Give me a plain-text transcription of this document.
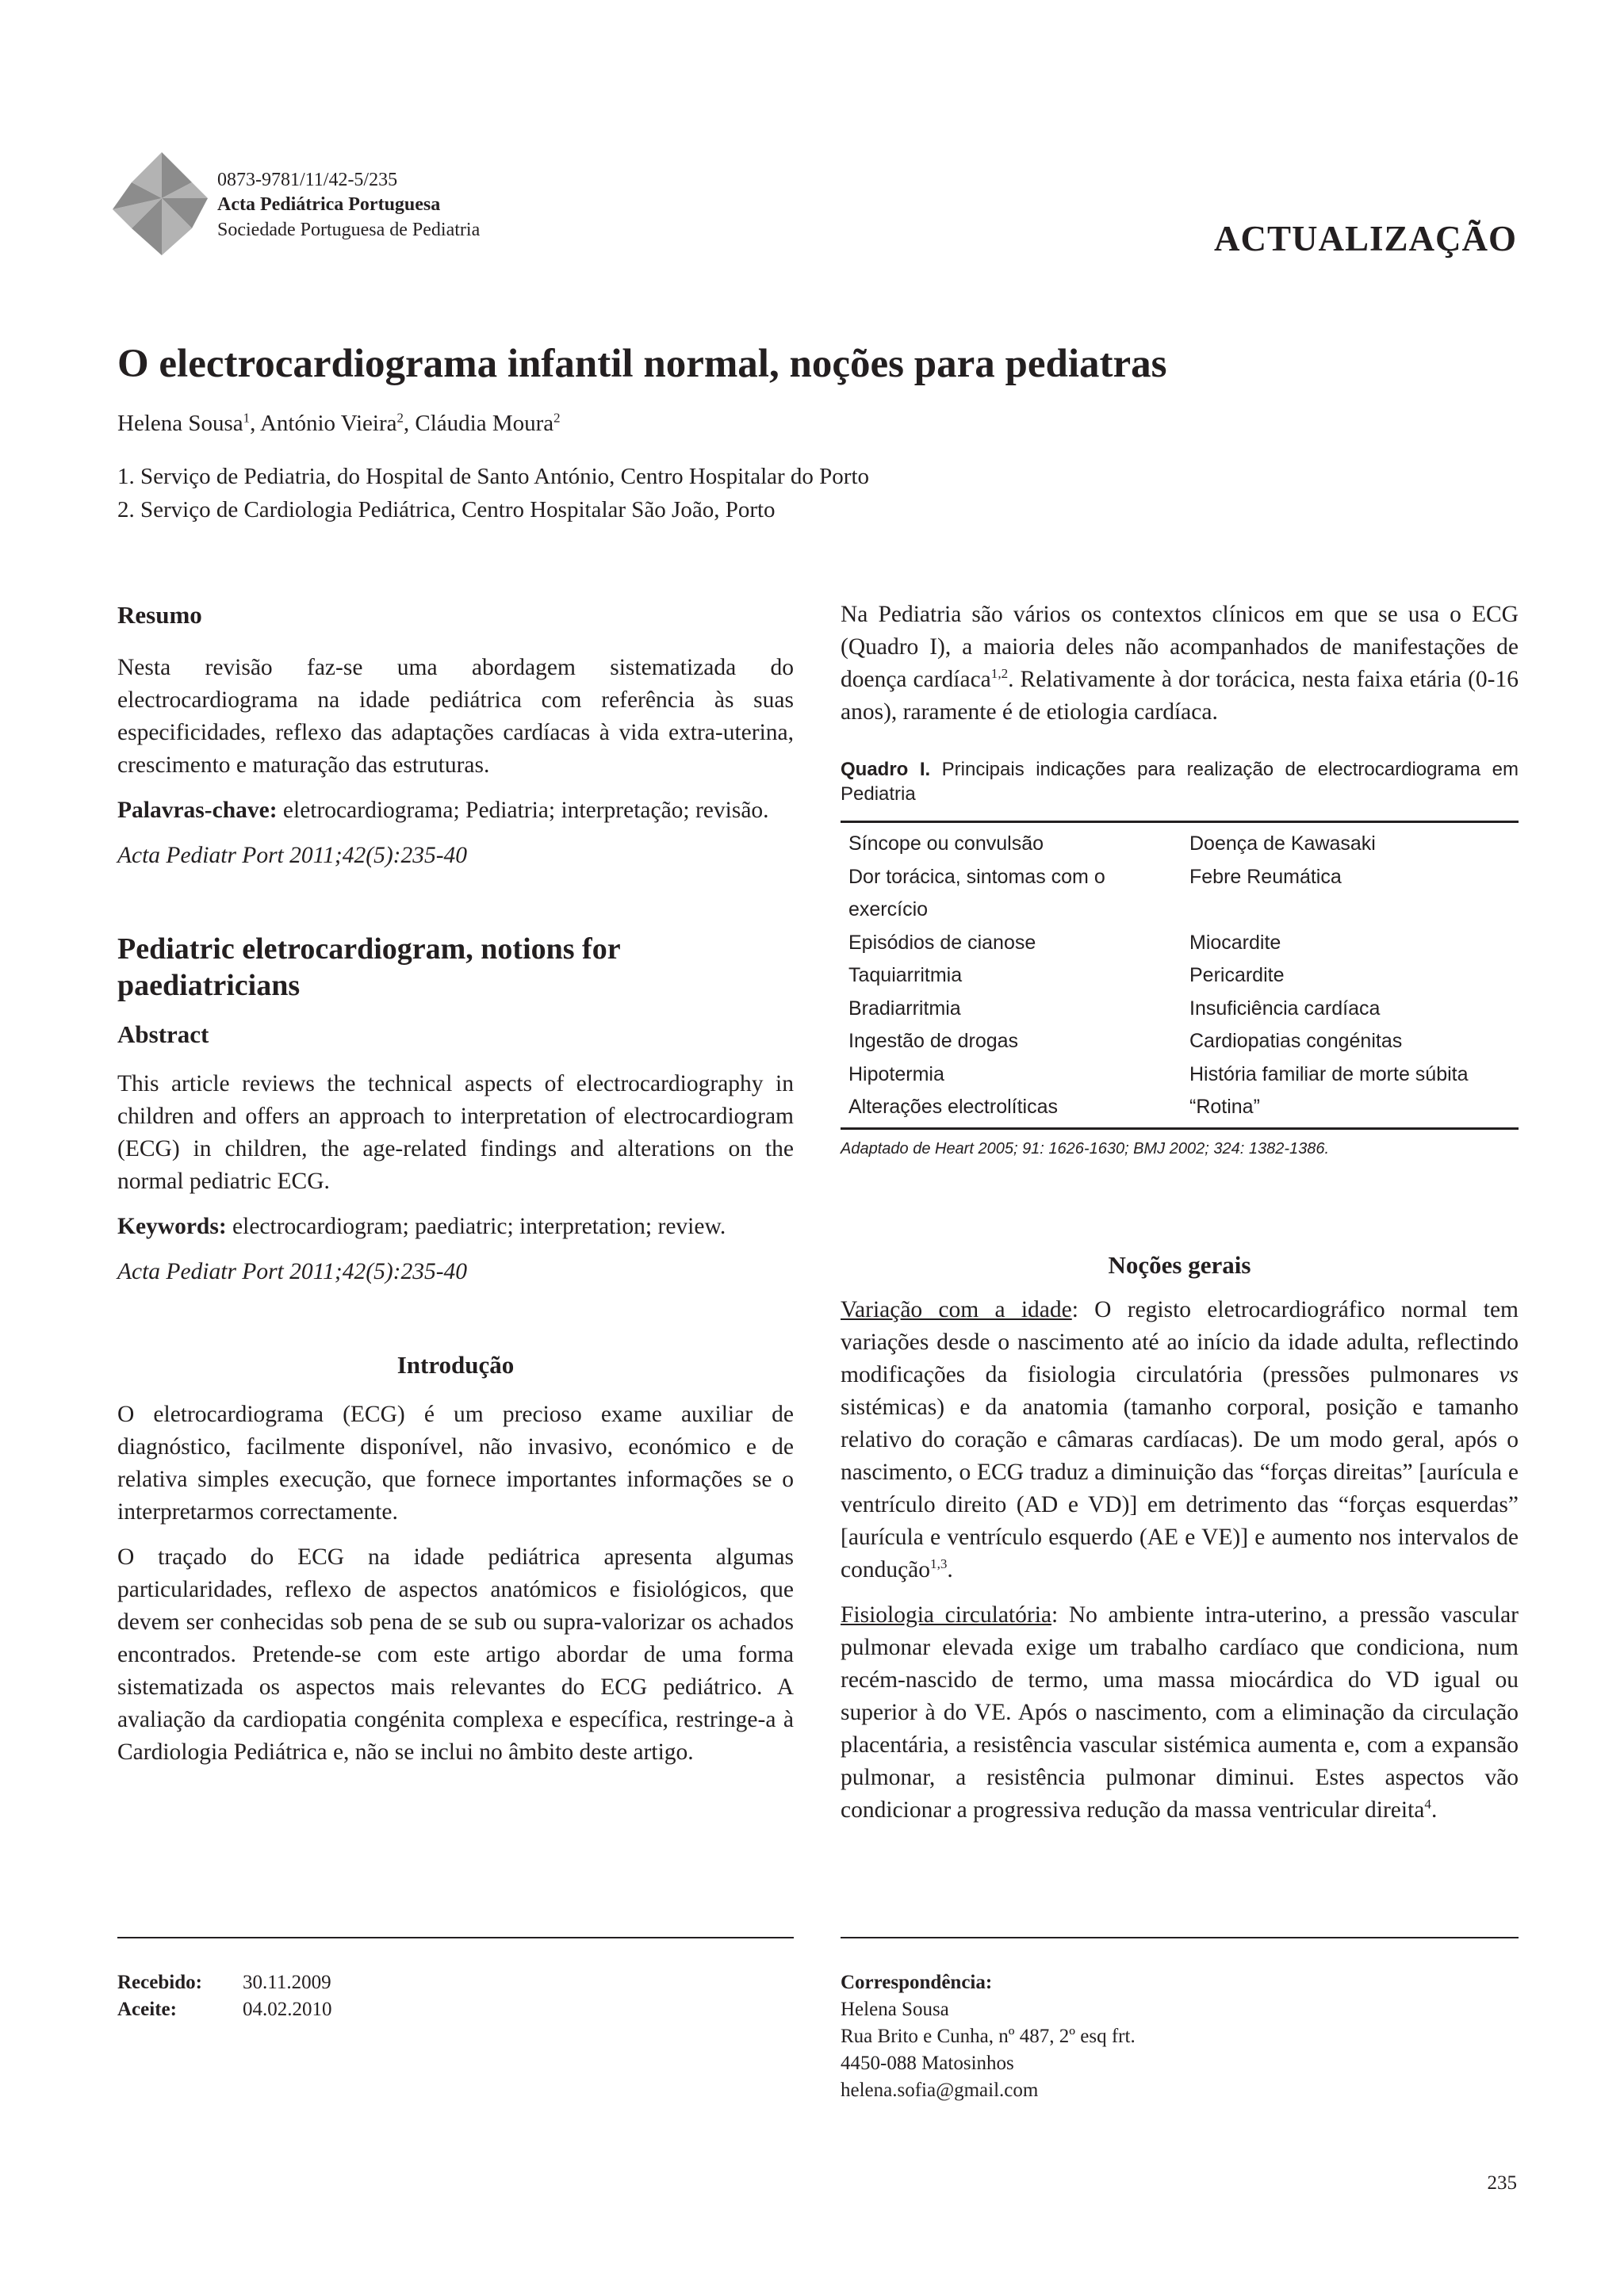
0873-9781/11/42-5/235
Acta Pediátrica Portuguesa
Sociedade Portuguesa de Pediatria	ACTUALIZAÇÃO
O electrocardiograma infantil normal, noções para pediatras
Helena Sousa$^1$, António Vieira$^2$, Cláudia Moura$^2$
1. Serviço de Pediatria, do Hospital de Santo António, Centro Hospitalar do Porto
2. Serviço de Cardiologia Pediátrica, Centro Hospitalar São João, Porto

Resumo

Nesta revisão faz-se uma abordagem sistematizada do electrocardiograma na idade pediátrica com referência às suas especificidades, reflexo das adaptações cardíacas à vida extra-uterina, crescimento e maturação das estruturas.

Palavras-chave: eletrocardiograma; Pediatria; interpretação; revisão.

Acta Pediatr Port 2011;42(5):235-40

Pediatric eletrocardiogram, notions for paediatricians

Abstract

This article reviews the technical aspects of electrocardiography in children and offers an approach to interpretation of electrocardiogram (ECG) in children, the age-related findings and alterations on the normal pediatric ECG.

Keywords: electrocardiogram; paediatric; interpretation; review.

Acta Pediatr Port 2011;42(5):235-40

Introdução

O eletrocardiograma (ECG) é um precioso exame auxiliar de diagnóstico, facilmente disponível, não invasivo, económico e de relativa simples execução, que fornece importantes informações se o interpretarmos correctamente.

O traçado do ECG na idade pediátrica apresenta algumas particularidades, reflexo de aspectos anatómicos e fisiológicos, que devem ser conhecidas sob pena de se sub ou supra-valorizar os achados encontrados. Pretende-se com este artigo abordar de uma forma sistematizada os aspectos mais relevantes do ECG pediátrico. A avaliação da cardiopatia congénita complexa e específica, restringe-a à Cardiologia Pediátrica e, não se inclui no âmbito deste artigo.

Na Pediatria são vários os contextos clínicos em que se usa o ECG (Quadro I), a maioria deles não acompanhados de manifestações de doença cardíaca$^{1,2}$. Relativamente à dor torácica, nesta faixa etária (0-16 anos), raramente é de etiologia cardíaca.

Quadro I. Principais indicações para realização de electrocardiograma em Pediatria

Síncope ou convulsão	Doença de Kawasaki
Dor torácica, sintomas com o exercício	Febre Reumática
Episódios de cianose	Miocardite
Taquiarritmia	Pericardite
Bradiarritmia	Insuficiência cardíaca
Ingestão de drogas	Cardiopatias congénitas
Hipotermia	História familiar de morte súbita
Alterações electrolíticas	“Rotina”

Adaptado de Heart 2005; 91: 1626-1630; BMJ 2002; 324: 1382-1386.

Noções gerais

Variação com a idade: O registo eletrocardiográfico normal tem variações desde o nascimento até ao início da idade adulta, reflectindo modificações da fisiologia circulatória (pressões pulmonares vs sistémicas) e da anatomia (tamanho corporal, posição e tamanho relativo do coração e câmaras cardíacas). De um modo geral, após o nascimento, o ECG traduz a diminuição das “forças direitas” [aurícula e ventrículo direito (AD e VD)] em detrimento das “forças esquerdas” [aurícula e ventrículo esquerdo (AE e VE)] e aumento nos intervalos de condução$^{1,3}$.

Fisiologia circulatória: No ambiente intra-uterino, a pressão vascular pulmonar elevada exige um trabalho cardíaco que condiciona, num recém-nascido de termo, uma massa miocárdica do VD igual ou superior à do VE. Após o nascimento, com a eliminação da circulação placentária, a resistência vascular sistémica aumenta e, com a expansão pulmonar, a resistência pulmonar diminui. Estes aspectos vão condicionar a progressiva redução da massa ventricular direita$^4$.

Recebido: 30.11.2009
Aceite:	04.02.2010
Correspondência:
Helena Sousa
Rua Brito e Cunha, nº 487, 2º esq frt.
4450-088 Matosinhos
helena.sofia@gmail.com
235
